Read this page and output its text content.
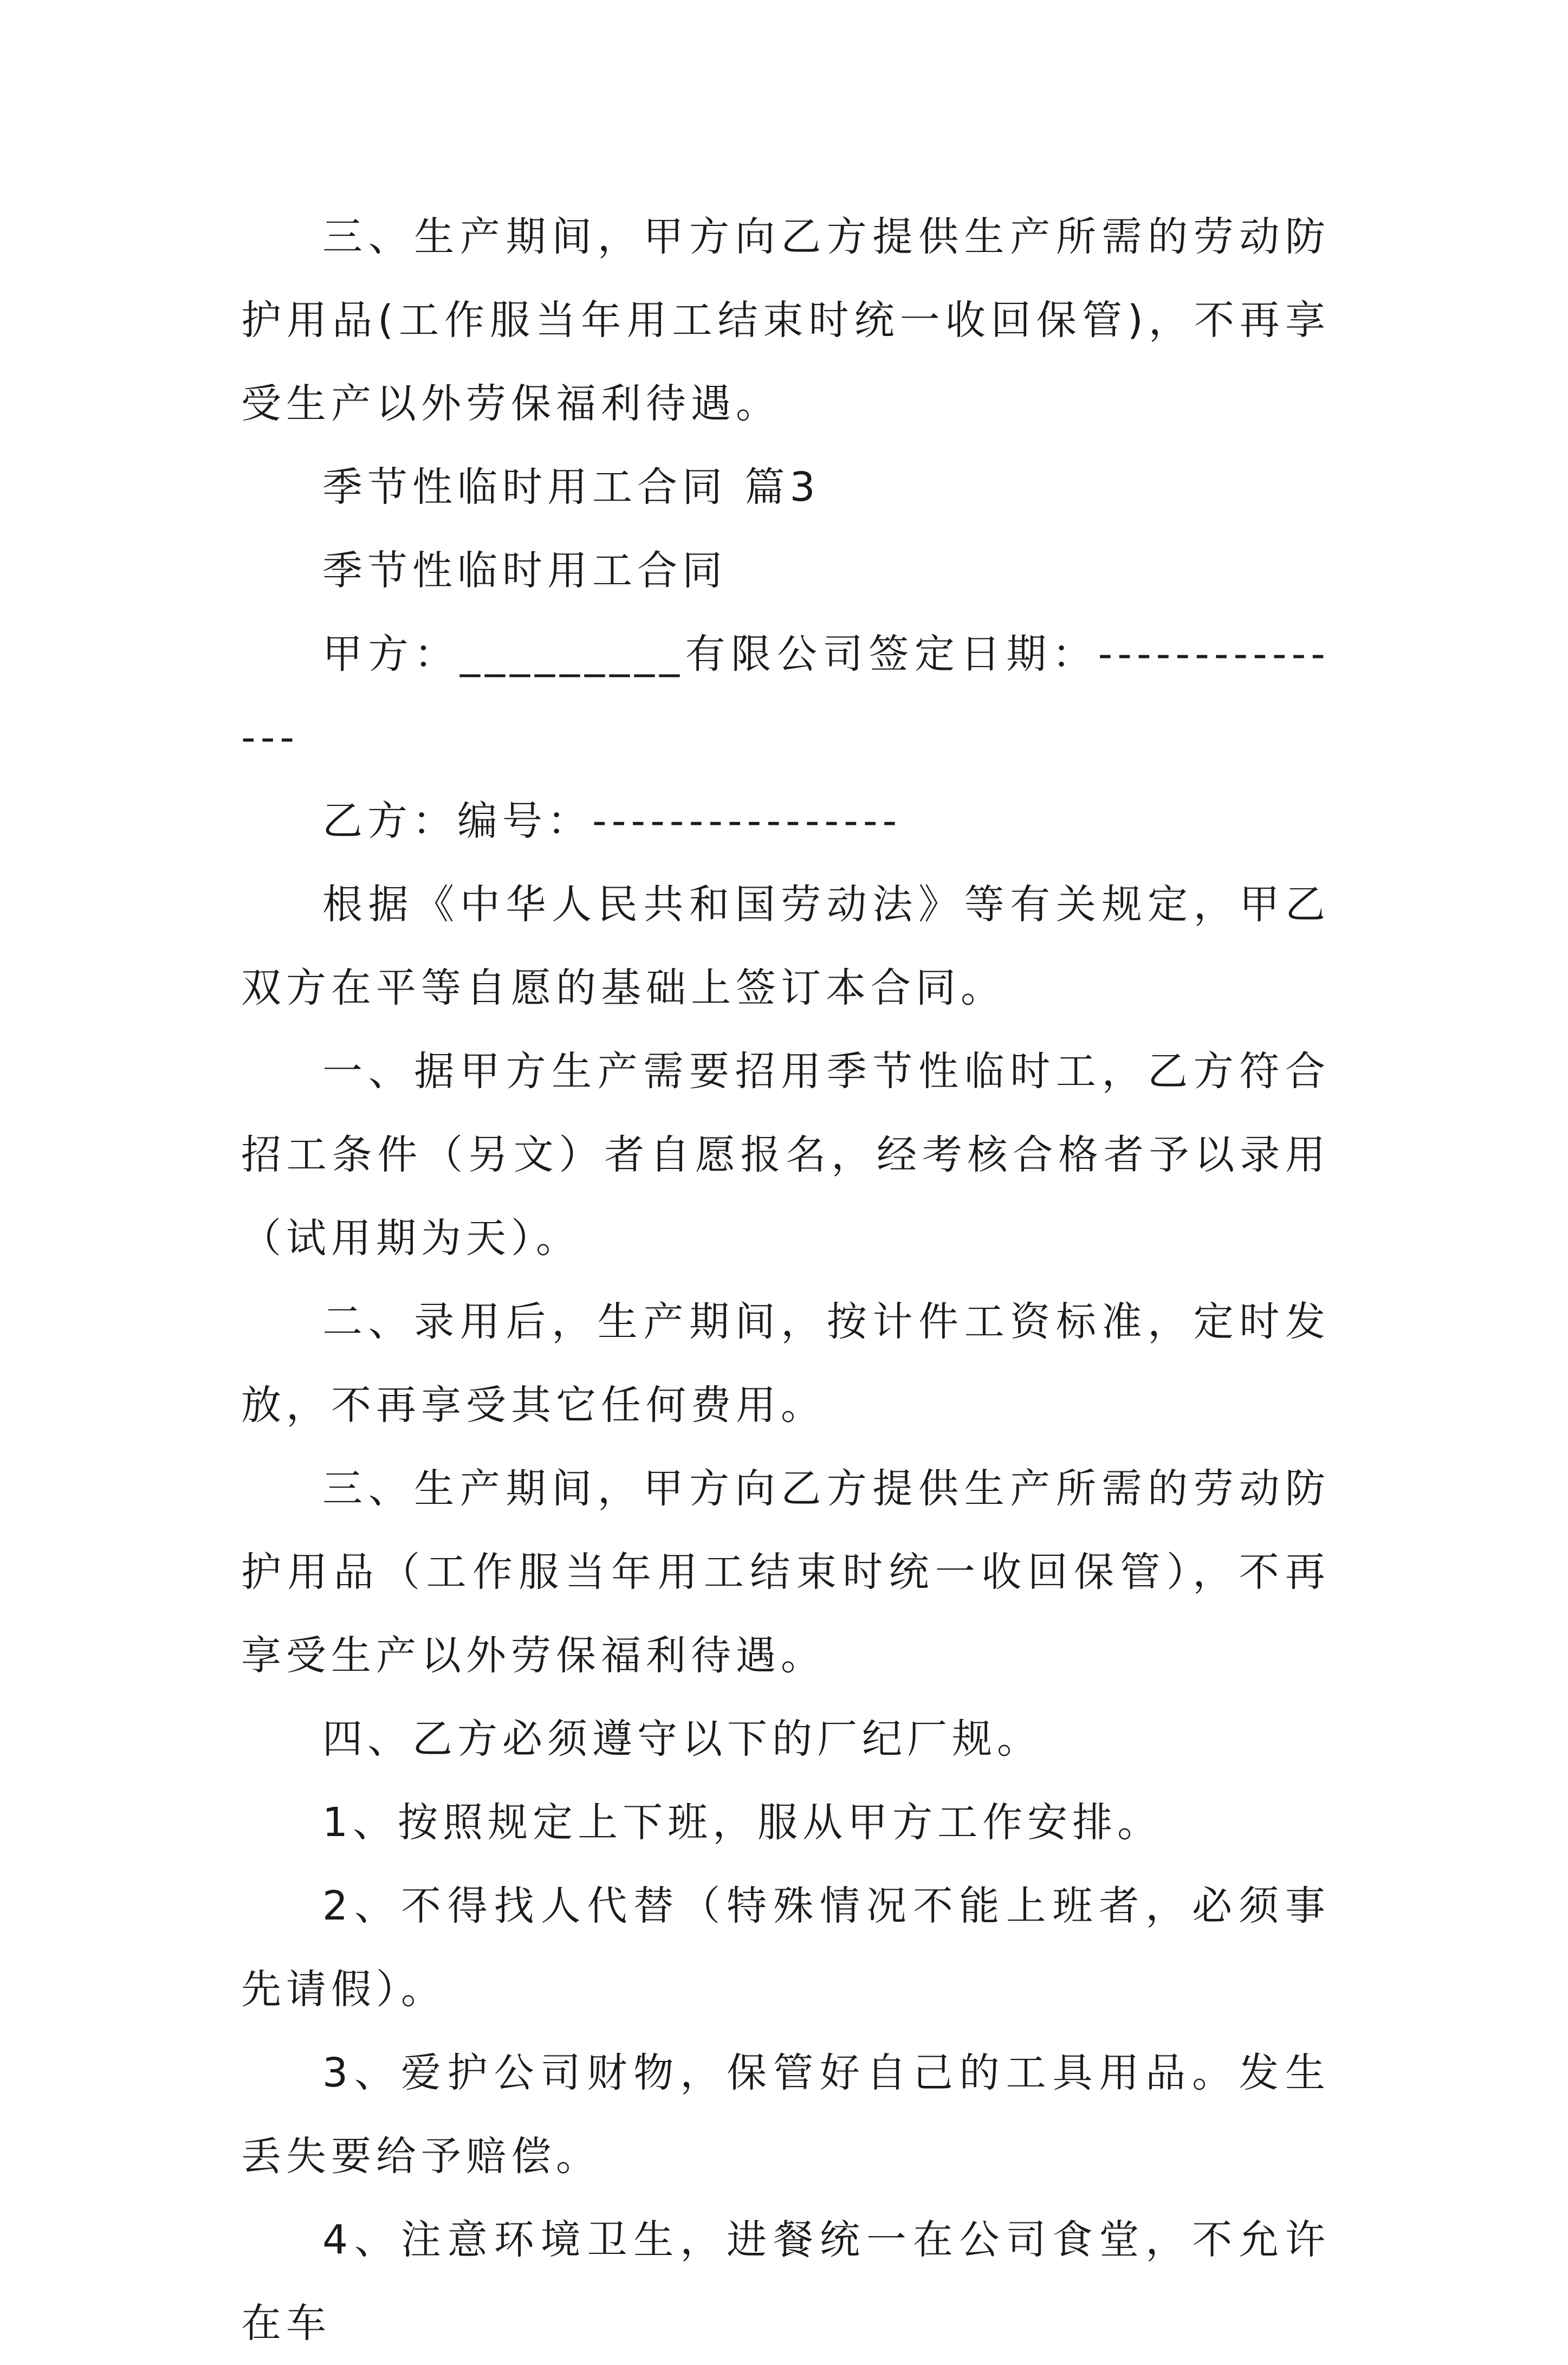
三、生产期间，甲方向乙方提供生产所需的劳动防护用品(工作服当年用工结束时统一收回保管)，不再享受生产以外劳保福利待遇。

季节性临时用工合同 篇3

季节性临时用工合同

甲方：_________有限公司签定日期：---------------

乙方：编号：----------------

根据《中华人民共和国劳动法》等有关规定，甲乙双方在平等自愿的基础上签订本合同。

一、据甲方生产需要招用季节性临时工，乙方符合招工条件（另文）者自愿报名，经考核合格者予以录用（试用期为天）。

二、录用后，生产期间，按计件工资标准，定时发放，不再享受其它任何费用。

三、生产期间，甲方向乙方提供生产所需的劳动防护用品（工作服当年用工结束时统一收回保管），不再享受生产以外劳保福利待遇。

四、乙方必须遵守以下的厂纪厂规。

1、按照规定上下班，服从甲方工作安排。

2、不得找人代替（特殊情况不能上班者，必须事先请假）。

3、爱护公司财物，保管好自己的工具用品。发生丢失要给予赔偿。

4、注意环境卫生，进餐统一在公司食堂，不允许在车
